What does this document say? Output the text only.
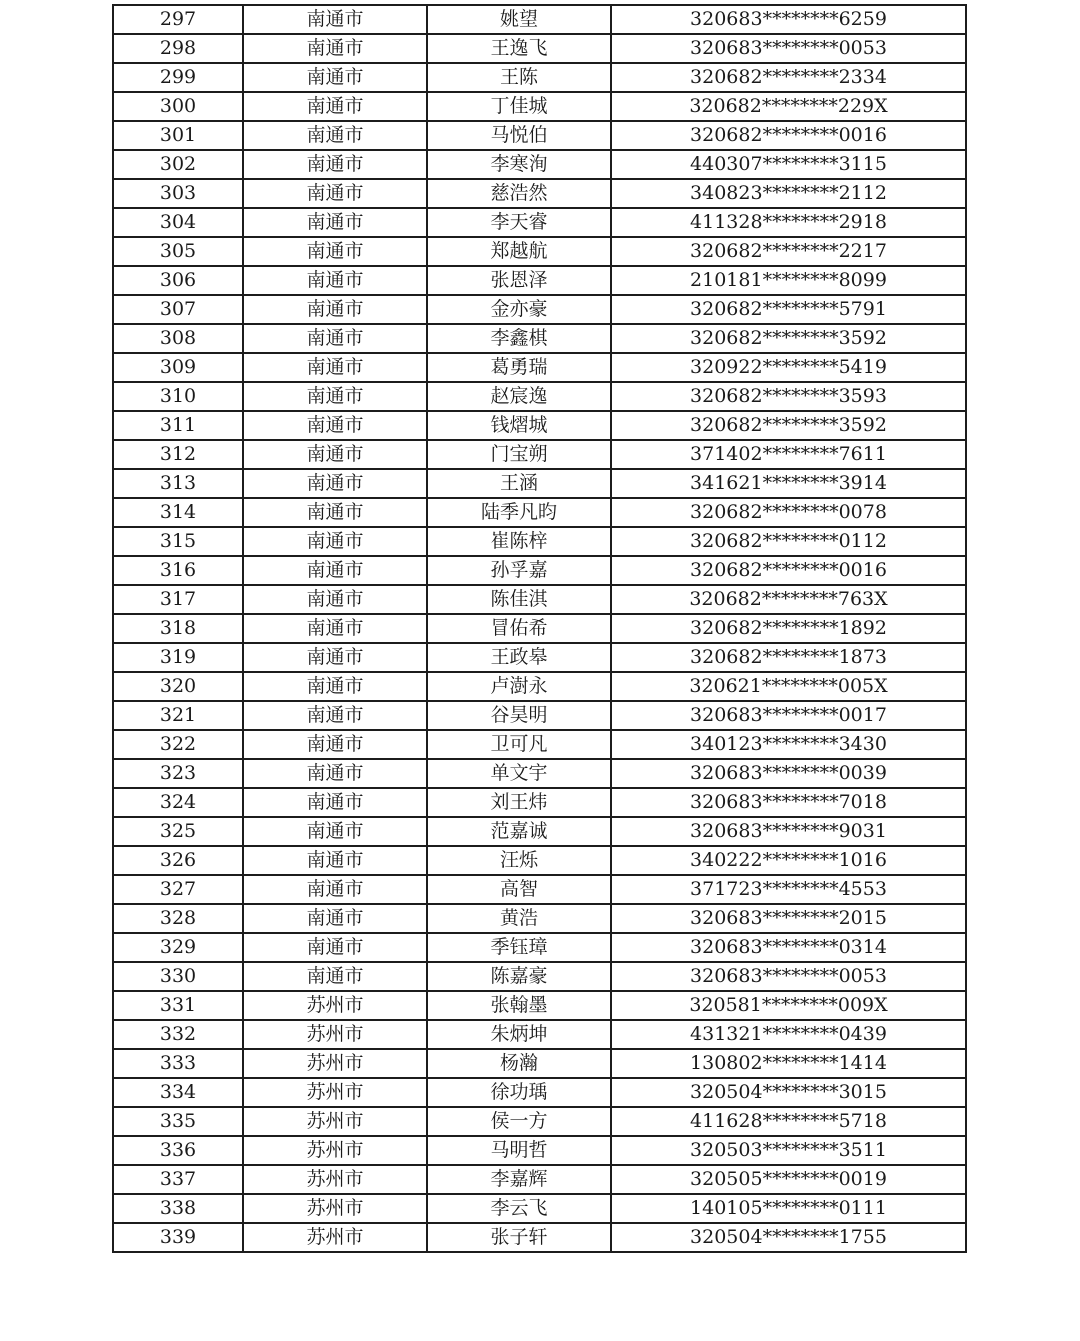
297	南通市	姚望	320683********6259
298	南通市	王逸飞	320683********0053
299	南通市	王陈	320682********2334
300	南通市	丁佳城	320682********229X
301	南通市	马悦伯	320682********0016
302	南通市	李寒洵	440307********3115
303	南通市	慈浩然	340823********2112
304	南通市	李天睿	411328********2918
305	南通市	郑越航	320682********2217
306	南通市	张恩泽	210181********8099
307	南通市	金亦豪	320682********5791
308	南通市	李鑫棋	320682********3592
309	南通市	葛勇瑞	320922********5419
310	南通市	赵宸逸	320682********3593
311	南通市	钱熠城	320682********3592
312	南通市	门宝朔	371402********7611
313	南通市	王涵	341621********3914
314	南通市	陆季凡昀	320682********0078
315	南通市	崔陈梓	320682********0112
316	南通市	孙孚嘉	320682********0016
317	南通市	陈佳淇	320682********763X
318	南通市	冒佑希	320682********1892
319	南通市	王政皋	320682********1873
320	南通市	卢澍永	320621********005X
321	南通市	谷昊明	320683********0017
322	南通市	卫可凡	340123********3430
323	南通市	单文宇	320683********0039
324	南通市	刘王炜	320683********7018
325	南通市	范嘉诚	320683********9031
326	南通市	汪烁	340222********1016
327	南通市	高智	371723********4553
328	南通市	黄浩	320683********2015
329	南通市	季钰璋	320683********0314
330	南通市	陈嘉豪	320683********0053
331	苏州市	张翰墨	320581********009X
332	苏州市	朱炳坤	431321********0439
333	苏州市	杨瀚	130802********1414
334	苏州市	徐功瑀	320504********3015
335	苏州市	侯一方	411628********5718
336	苏州市	马明哲	320503********3511
337	苏州市	李嘉辉	320505********0019
338	苏州市	李云飞	140105********0111
339	苏州市	张子轩	320504********1755
